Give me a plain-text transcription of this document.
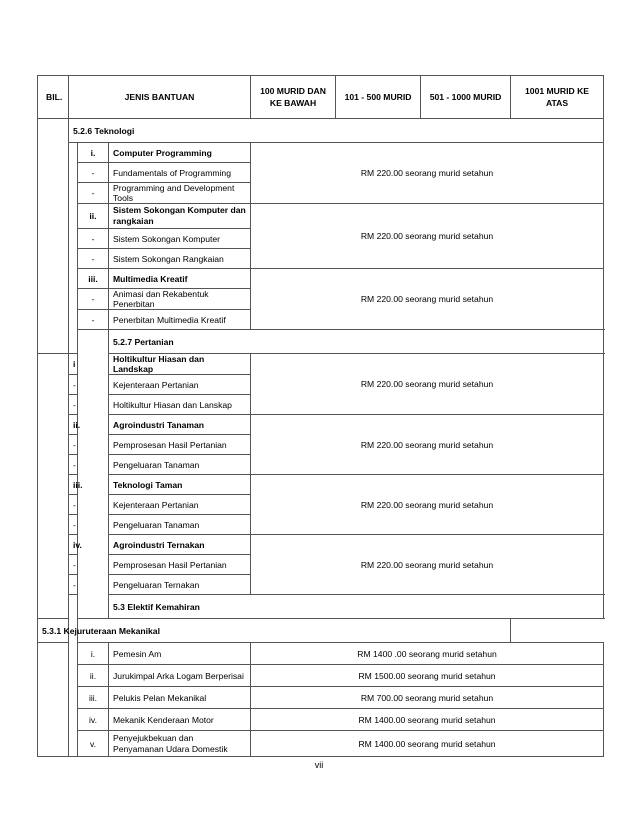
BIL.	JENIS BANTUAN			100 MURID DAN KE BAWAH	101 - 500 MURID	501 - 1000 MURID	1001 MURID KE ATAS
	5.2.6 Teknologi						
		i.	Computer Programming	RM 220.00 seorang murid setahun			
		-	Fundamentals of Programming				
		-	Programming and Development Tools				
		ii.	Sistem Sokongan Komputer dan rangkaian	RM 220.00 seorang murid setahun			
		-	Sistem Sokongan Komputer				
		-	Sistem Sokongan Rangkaian				
		iii.	Multimedia Kreatif	RM 220.00 seorang murid setahun			
		-	Animasi dan Rekabentuk Penerbitan				
		-	Penerbitan Multimedia Kreatif				
			5.2.7 Pertanian				
	i		Holtikultur Hiasan dan Landskap	RM 220.00 seorang murid setahun			
	-		Kejenteraan Pertanian				
	-		Holtikultur Hiasan dan Lanskap				
	ii.		Agroindustri Tanaman	RM 220.00 seorang murid setahun			
	-		Pemprosesan Hasil Pertanian				
	-		Pengeluaran Tanaman				
	iii.		Teknologi Taman	RM 220.00 seorang murid setahun			
	-		Kejenteraan Pertanian				
	-		Pengeluaran Tanaman				
	iv.		Agroindustri Ternakan	RM 220.00 seorang murid setahun			
	-		Pemprosesan Hasil Pertanian				
	-		Pengeluaran Ternakan				
			5.3 Elektif Kemahiran				
5.3.1 Kejuruteraan Mekanikal							
		i.	Pemesin Am	RM 1400 .00 seorang murid setahun			
		ii.	Jurukimpal Arka Logam Berperisai	RM 1500.00 seorang murid setahun			
		iii.	Pelukis Pelan Mekanikal	RM 700.00 seorang murid setahun			
		iv.	Mekanik Kenderaan Motor	RM 1400.00 seorang murid setahun			
		v.	Penyejukbekuan dan Penyamanan Udara Domestik	RM 1400.00 seorang murid setahun			
vii
